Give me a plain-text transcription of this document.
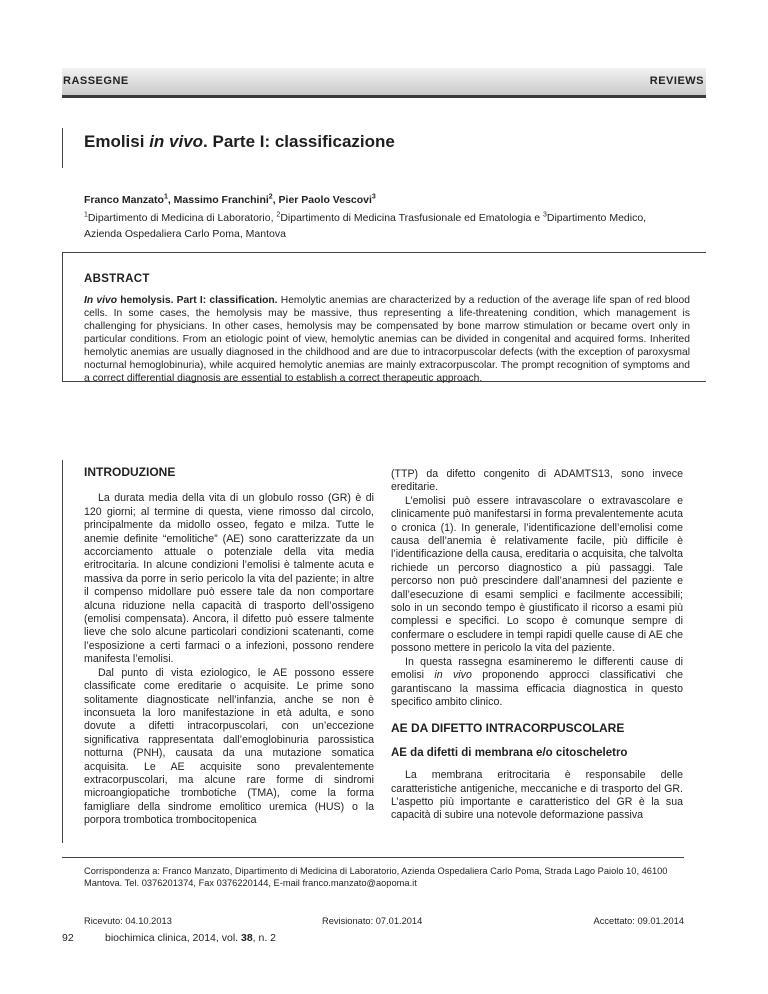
RASSEGNE	REVIEWS
Emolisi in vivo. Parte I: classificazione
Franco Manzato$^1$, Massimo Franchini$^2$, Pier Paolo Vescovi$^3$
$^1$Dipartimento di Medicina di Laboratorio, $^2$Dipartimento di Medicina Trasfusionale ed Ematologia e $^3$Dipartimento Medico,
Azienda Ospedaliera Carlo Poma, Mantova
ABSTRACT
In vivo hemolysis. Part I: classification. Hemolytic anemias are characterized by a reduction of the average life span of red blood cells. In some cases, the hemolysis may be massive, thus representing a life-threatening condition, which management is challenging for physicians. In other cases, hemolysis may be compensated by bone marrow stimulation or became overt only in particular conditions. From an etiologic point of view, hemolytic anemias can be divided in congenital and acquired forms. Inherited hemolytic anemias are usually diagnosed in the childhood and are due to intracorpuscolar defects (with the exception of paroxysmal nocturnal hemoglobinuria), while acquired hemolytic anemias are mainly extracorpuscolar. The prompt recognition of symptoms and a correct differential diagnosis are essential to establish a correct therapeutic approach.
INTRODUZIONE

La durata media della vita di un globulo rosso (GR) è di 120 giorni; al termine di questa, viene rimosso dal circolo, principalmente da midollo osseo, fegato e milza. Tutte le anemie definite “emolitiche” (AE) sono caratterizzate da un accorciamento attuale o potenziale della vita media eritrocitaria. In alcune condizioni l’emolisi è talmente acuta e massiva da porre in serio pericolo la vita del paziente; in altre il compenso midollare può essere tale da non comportare alcuna riduzione nella capacità di trasporto dell’ossigeno (emolisi compensata). Ancora, il difetto può essere talmente lieve che solo alcune particolari condizioni scatenanti, come l’esposizione a certi farmaci o a infezioni, possono rendere manifesta l’emolisi.

Dal punto di vista eziologico, le AE possono essere classificate come ereditarie o acquisite. Le prime sono solitamente diagnosticate nell’infanzia, anche se non è inconsueta la loro manifestazione in età adulta, e sono dovute a difetti intracorpuscolari, con un’eccezione significativa rappresentata dall’emoglobinuria parossistica notturna (PNH), causata da una mutazione somatica acquisita. Le AE acquisite sono prevalentemente extracorpuscolari, ma alcune rare forme di sindromi microangiopatiche trombotiche (TMA), come la forma famigliare della sindrome emolitico uremica (HUS) o la porpora trombotica trombocitopenica

(TTP) da difetto congenito di ADAMTS13, sono invece ereditarie.

L’emolisi può essere intravascolare o extravascolare e clinicamente può manifestarsi in forma prevalentemente acuta o cronica (1). In generale, l’identificazione dell’emolisi come causa dell’anemia è relativamente facile, più difficile è l’identificazione della causa, ereditaria o acquisita, che talvolta richiede un percorso diagnostico a più passaggi. Tale percorso non può prescindere dall’anamnesi del paziente e dall’esecuzione di esami semplici e facilmente accessibili; solo in un secondo tempo è giustificato il ricorso a esami più complessi e specifici. Lo scopo è comunque sempre di confermare o escludere in tempi rapidi quelle cause di AE che possono mettere in pericolo la vita del paziente.

In questa rassegna esamineremo le differenti cause di emolisi in vivo proponendo approcci classificativi che garantiscano la massima efficacia diagnostica in questo specifico ambito clinico.

AE DA DIFETTO INTRACORPUSCOLARE
AE da difetti di membrana e/o citoscheletro

La membrana eritrocitaria è responsabile delle caratteristiche antigeniche, meccaniche e di trasporto del GR. L’aspetto più importante e caratteristico del GR è la sua capacità di subire una notevole deformazione passiva

Corrispondenza a: Franco Manzato, Dipartimento di Medicina di Laboratorio, Azienda Ospedaliera Carlo Poma, Strada Lago Paiolo 10, 46100 Mantova. Tel. 0376201374, Fax 0376220144, E-mail franco.manzato@aopoma.it
Ricevuto: 04.10.2013	Revisionato: 07.01.2014	Accettato: 09.01.2014
92	biochimica clinica, 2014, vol. 38, n. 2
